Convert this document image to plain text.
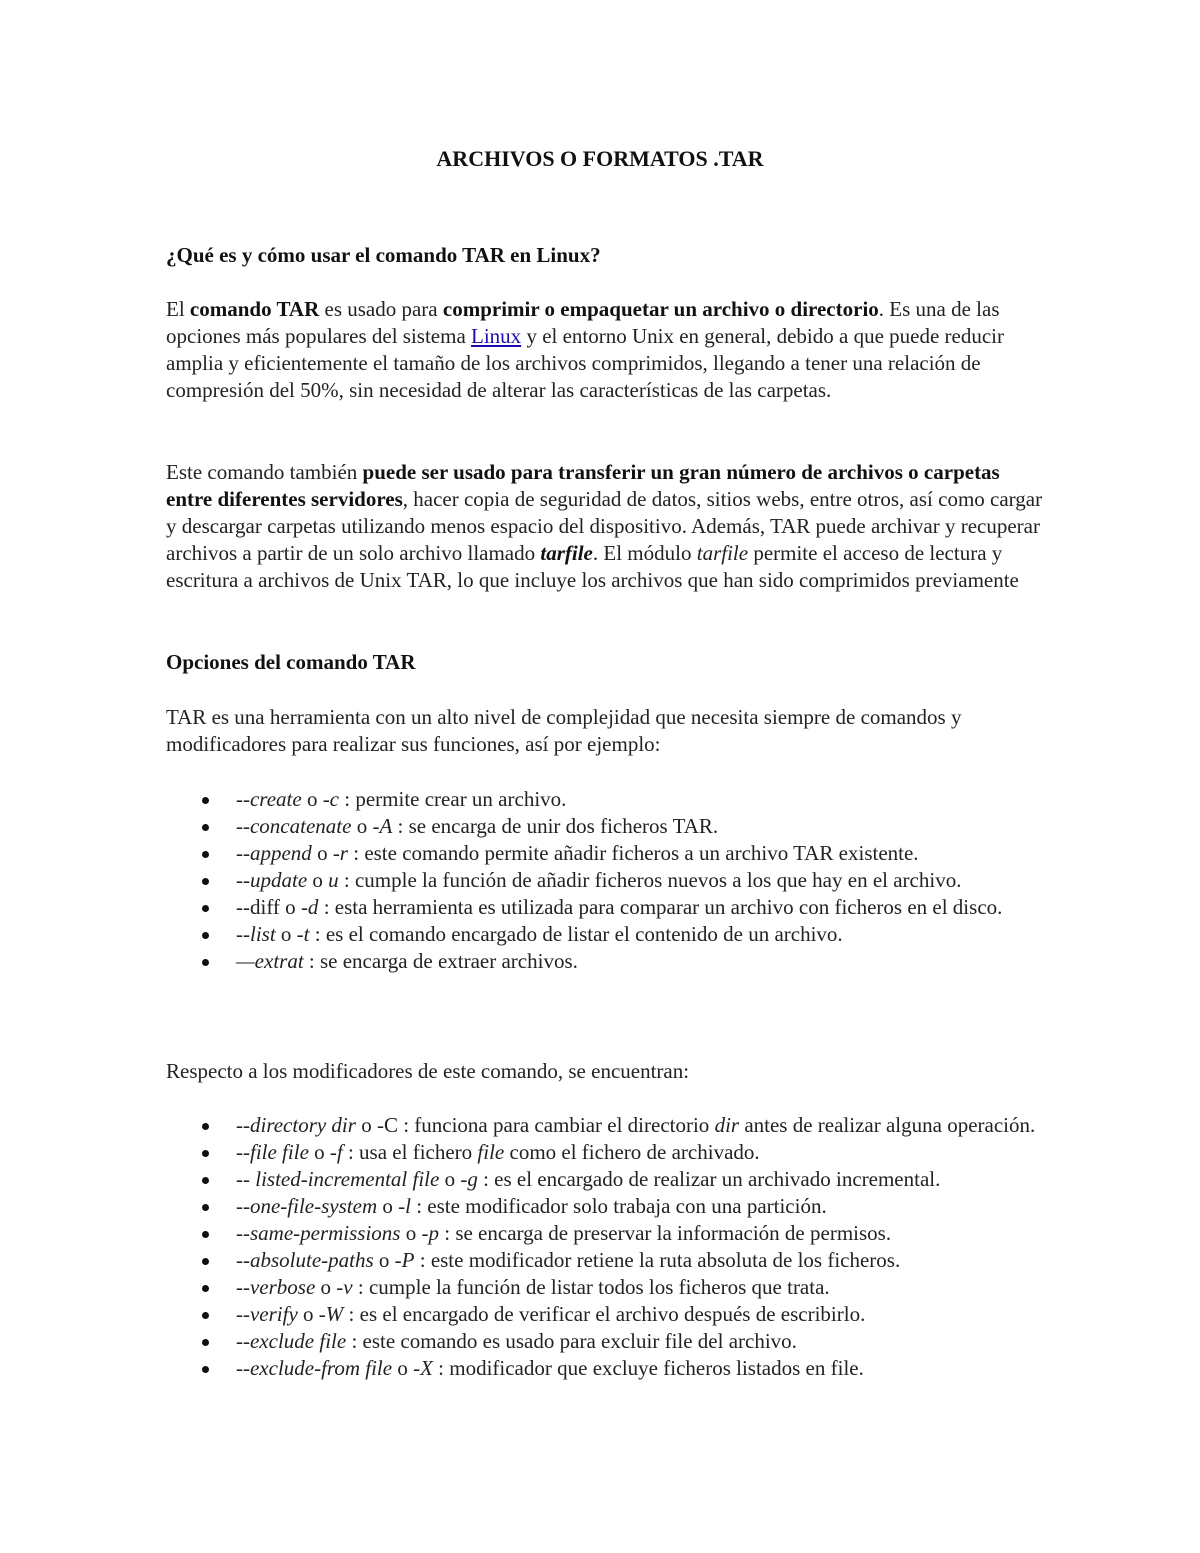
ARCHIVOS O FORMATOS .TAR
¿Qué es y cómo usar el comando TAR en Linux?

El comando TAR es usado para comprimir o empaquetar un archivo o directorio. Es una de las opciones más populares del sistema Linux y el entorno Unix en general, debido a que puede reducir amplia y eficientemente el tamaño de los archivos comprimidos, llegando a tener una relación de compresión del 50%, sin necesidad de alterar las características de las carpetas.

Este comando también puede ser usado para transferir un gran número de archivos o carpetas entre diferentes servidores, hacer copia de seguridad de datos, sitios webs, entre otros, así como cargar y descargar carpetas utilizando menos espacio del dispositivo. Además, TAR puede archivar y recuperar archivos a partir de un solo archivo llamado tarfile. El módulo tarfile permite el acceso de lectura y escritura a archivos de Unix TAR, lo que incluye los archivos que han sido comprimidos previamente

Opciones del comando TAR

TAR es una herramienta con un alto nivel de complejidad que necesita siempre de comandos y modificadores para realizar sus funciones, así por ejemplo:

--create o -c : permite crear un archivo.
--concatenate o -A : se encarga de unir dos ficheros TAR.
--append o -r : este comando permite añadir ficheros a un archivo TAR existente.
--update o u : cumple la función de añadir ficheros nuevos a los que hay en el archivo.
--diff o -d : esta herramienta es utilizada para comparar un archivo con ficheros en el disco.
--list o -t : es el comando encargado de listar el contenido de un archivo.
—extrat : se encarga de extraer archivos.

Respecto a los modificadores de este comando, se encuentran:

--directory dir o -C : funciona para cambiar el directorio dir antes de realizar alguna operación.
--file file o -f : usa el fichero file como el fichero de archivado.
-- listed-incremental file o -g : es el encargado de realizar un archivado incremental.
--one-file-system o -l : este modificador solo trabaja con una partición.
--same-permissions o -p : se encarga de preservar la información de permisos.
--absolute-paths o -P : este modificador retiene la ruta absoluta de los ficheros.
--verbose o -v : cumple la función de listar todos los ficheros que trata.
--verify o -W : es el encargado de verificar el archivo después de escribirlo.
--exclude file : este comando es usado para excluir file del archivo.
--exclude-from file o -X : modificador que excluye ficheros listados en file.
